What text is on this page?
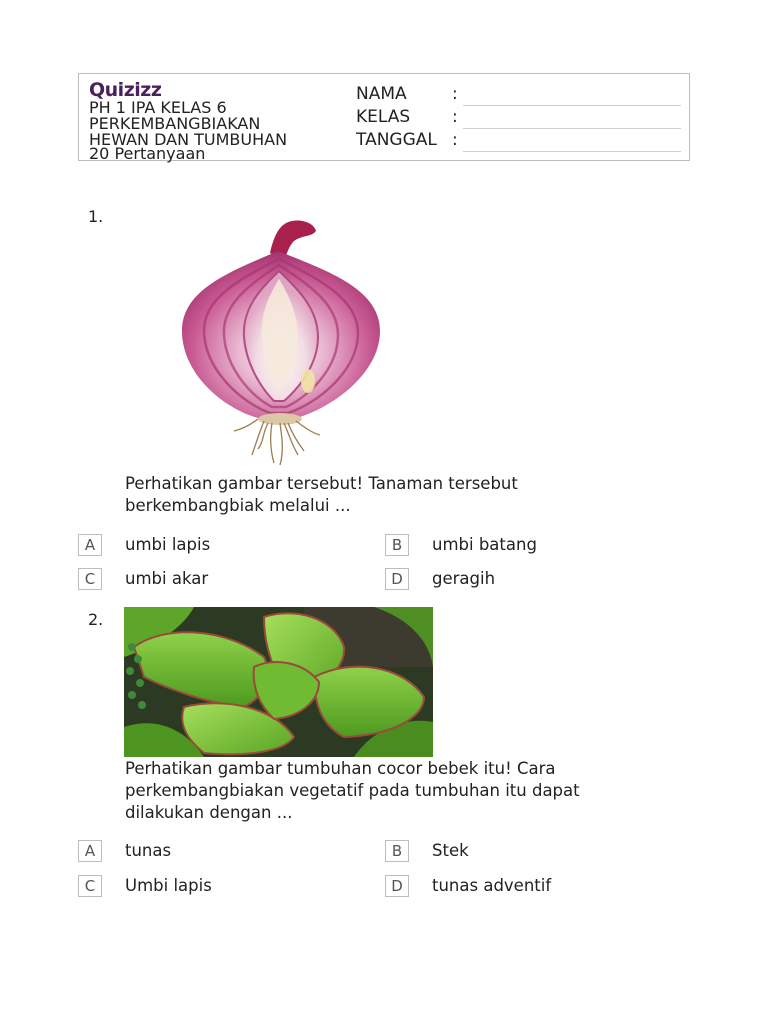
Quizizz
PH 1 IPA KELAS 6
PERKEMBANGBIAKAN
HEWAN DAN TUMBUHAN
20 Pertanyaan
NAMA	:
KELAS :
TANGGAL :
1.
Perhatikan gambar tersebut! Tanaman tersebut berkembangbiak melalui ...
A	umbi lapis	B	umbi batang
C	umbi akar	D	geragih
2.
Perhatikan gambar tumbuhan cocor bebek itu! Cara perkembangbiakan vegetatif pada tumbuhan itu dapat dilakukan dengan ...
A	tunas	B	Stek
C	Umbi lapis	D	tunas adventif
